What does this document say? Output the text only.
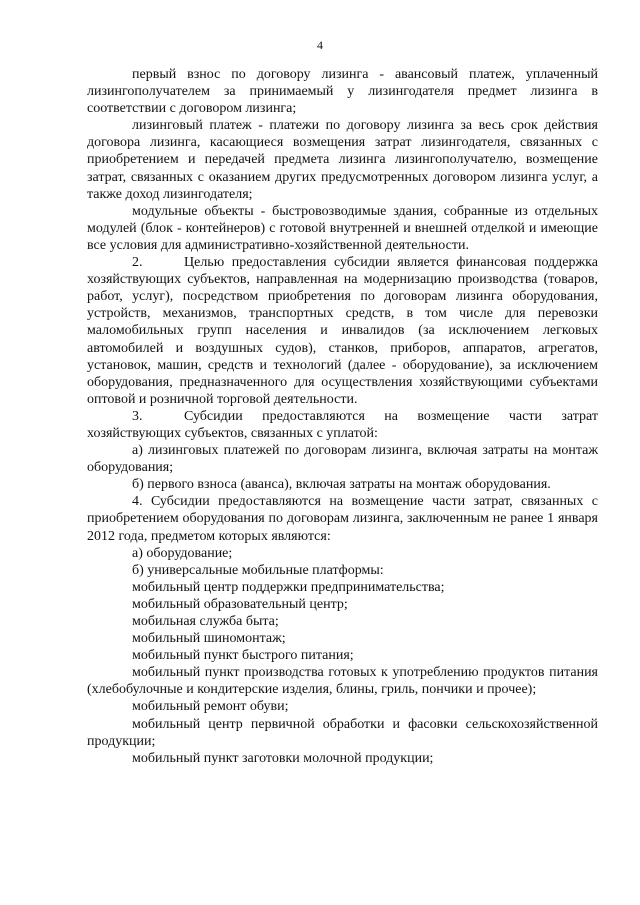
4

первый взнос по договору лизинга - авансовый платеж, уплаченный лизингополучателем за принимаемый у лизингодателя предмет лизинга в соответствии с договором лизинга;

лизинговый платеж - платежи по договору лизинга за весь срок действия договора лизинга, касающиеся возмещения затрат лизингодателя, связанных с приобретением и передачей предмета лизинга лизингополучателю, возмещение затрат, связанных с оказанием других предусмотренных договором лизинга услуг, а также доход лизингодателя;

модульные объекты - быстровозводимые здания, собранные из отдельных модулей (блок - контейнеров) с готовой внутренней и внешней отделкой и имеющие все условия для административно-хозяйственной деятельности.

2.	Целью предоставления субсидии является финансовая поддержка хозяйствующих субъектов, направленная на модернизацию производства (товаров, работ, услуг), посредством приобретения по договорам лизинга оборудования, устройств, механизмов, транспортных средств, в том числе для перевозки маломобильных групп населения и инвалидов (за исключением легковых автомобилей и воздушных судов), станков, приборов, аппаратов, агрегатов, установок, машин, средств и технологий (далее - оборудование), за исключением оборудования, предназначенного для осуществления хозяйствующими субъектами оптовой и розничной торговой деятельности.

3.	Субсидии предоставляются на возмещение части затрат хозяйствующих субъектов, связанных с уплатой:

а) лизинговых платежей по договорам лизинга, включая затраты на монтаж оборудования;

б) первого взноса (аванса), включая затраты на монтаж оборудования.

4. Субсидии предоставляются на возмещение части затрат, связанных с приобретением оборудования по договорам лизинга, заключенным не ранее 1 января 2012 года, предметом которых являются:

а) оборудование;

б) универсальные мобильные платформы:

мобильный центр поддержки предпринимательства;

мобильный образовательный центр;

мобильная служба быта;

мобильный шиномонтаж;

мобильный пункт быстрого питания;

мобильный пункт производства готовых к употреблению продуктов питания (хлебобулочные и кондитерские изделия, блины, гриль, пончики и прочее);

мобильный ремонт обуви;

мобильный центр первичной обработки и фасовки сельскохозяйственной продукции;

мобильный пункт заготовки молочной продукции;
